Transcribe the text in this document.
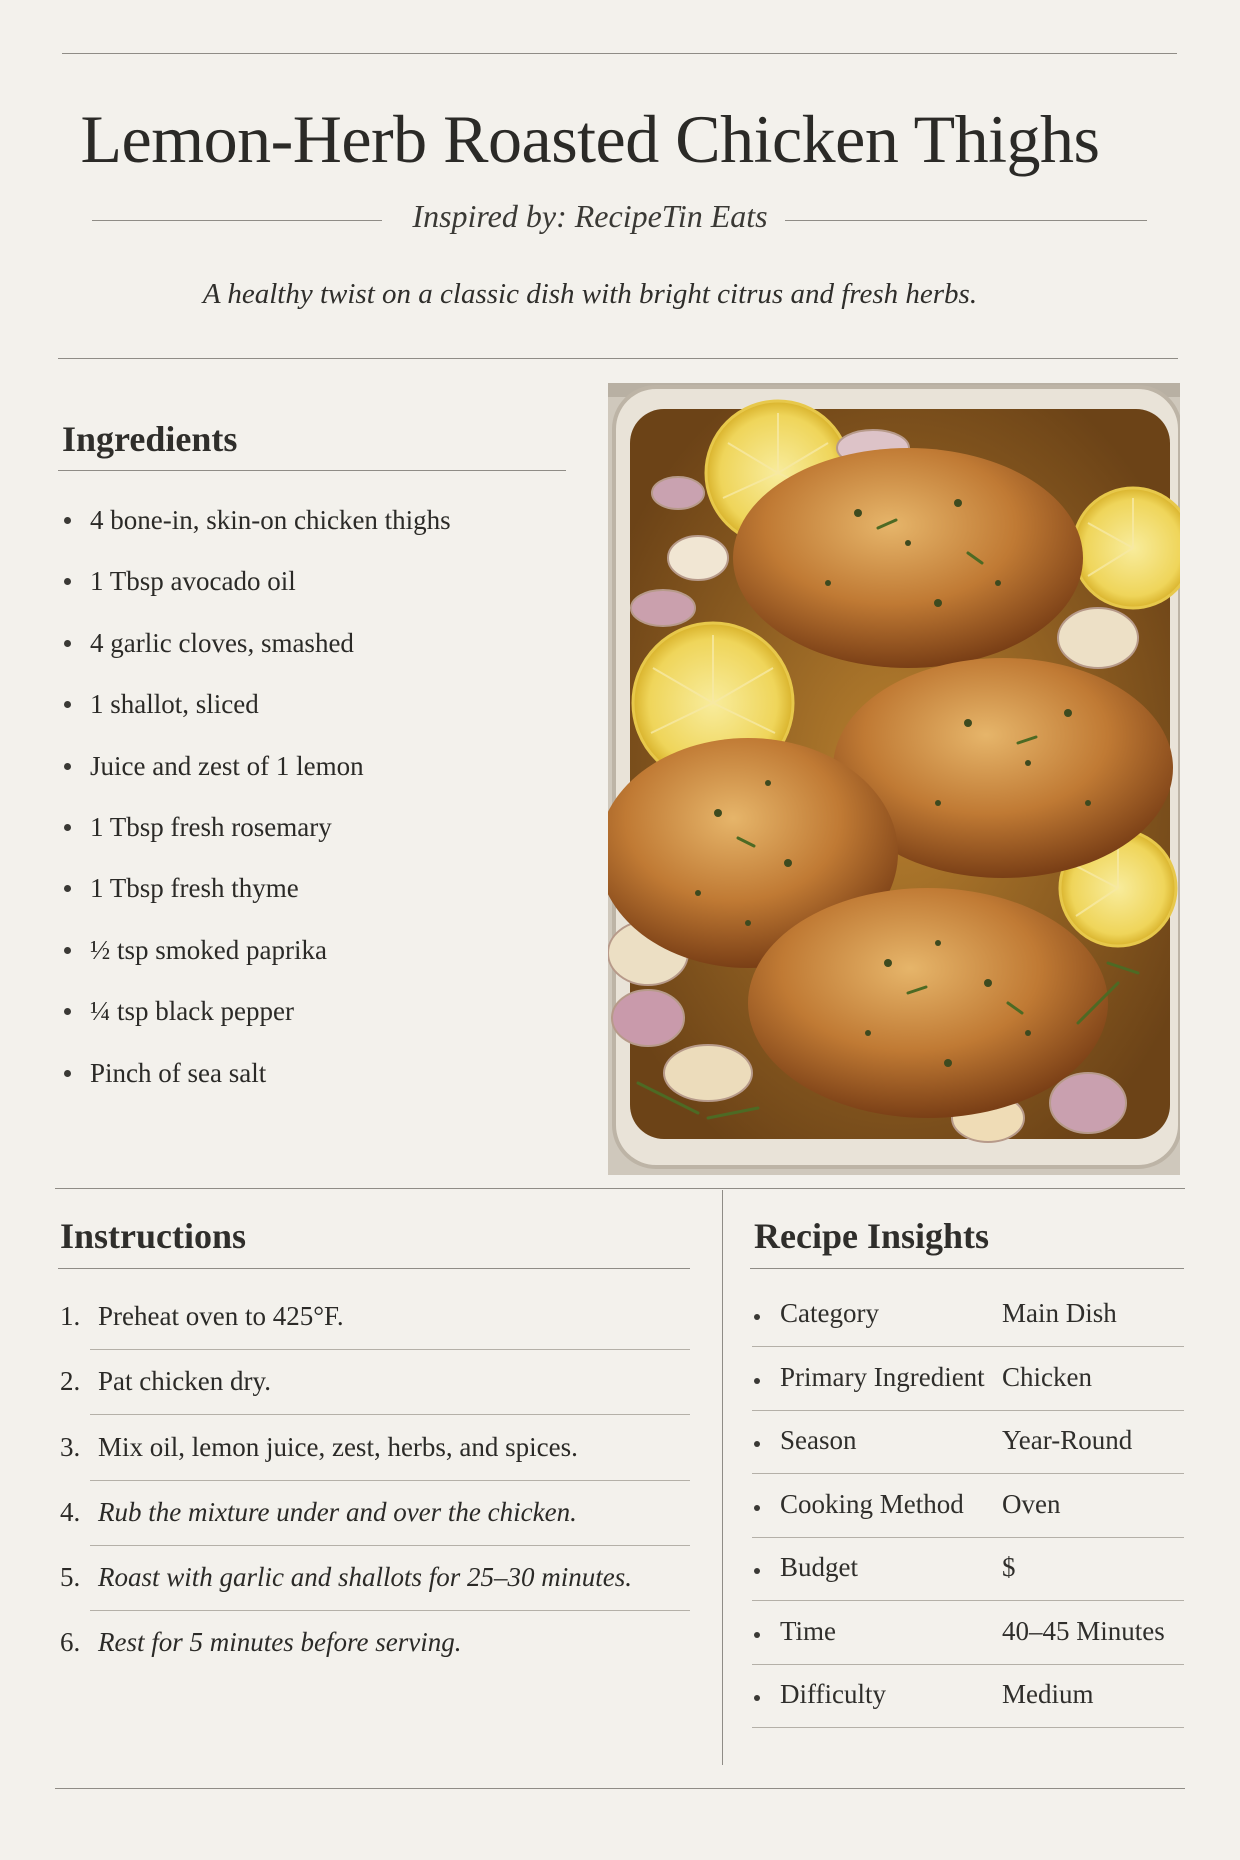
Lemon-Herb Roasted Chicken Thighs
Inspired by: RecipeTin Eats
A healthy twist on a classic dish with bright citrus and fresh herbs.
Ingredients
4 bone-in, skin-on chicken thighs
1 Tbsp avocado oil
4 garlic cloves, smashed
1 shallot, sliced
Juice and zest of 1 lemon
1 Tbsp fresh rosemary
1 Tbsp fresh thyme
½ tsp smoked paprika
¼ tsp black pepper
Pinch of sea salt
Instructions
1. Preheat oven to 425°F.
2. Pat chicken dry.
3. Mix oil, lemon juice, zest, herbs, and spices.
4. Rub the mixture under and over the chicken.
5. Roast with garlic and shallots for 25–30 minutes.
6. Rest for 5 minutes before serving.
Recipe Insights
Category	Main Dish
Primary Ingredient Chicken
Season	Year-Round
Cooking Method Oven
Budget	$
Time	40–45 Minutes
Difficulty	Medium
